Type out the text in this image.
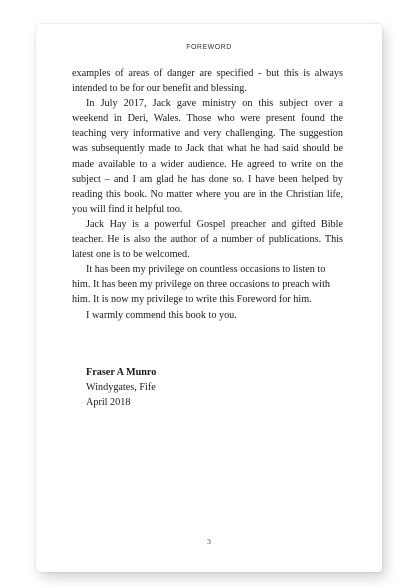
FOREWORD

examples of areas of danger are specified - but this is always intended to be for our benefit and blessing.

In July 2017, Jack gave ministry on this subject over a weekend in Deri, Wales. Those who were present found the teaching very informative and very challenging. The suggestion was subsequently made to Jack that what he had said should be made available to a wider audience. He agreed to write on the subject – and I am glad he has done so. I have been helped by reading this book. No matter where you are in the Christian life, you will find it helpful too.

Jack Hay is a powerful Gospel preacher and gifted Bible teacher. He is also the author of a number of publications. This latest one is to be welcomed.

It has been my privilege on countless occasions to listen to him. It has been my privilege on three occasions to preach with him. It is now my privilege to write this Foreword for him.

I warmly commend this book to you.

Fraser A Munro
Windygates, Fife
April 2018
3
